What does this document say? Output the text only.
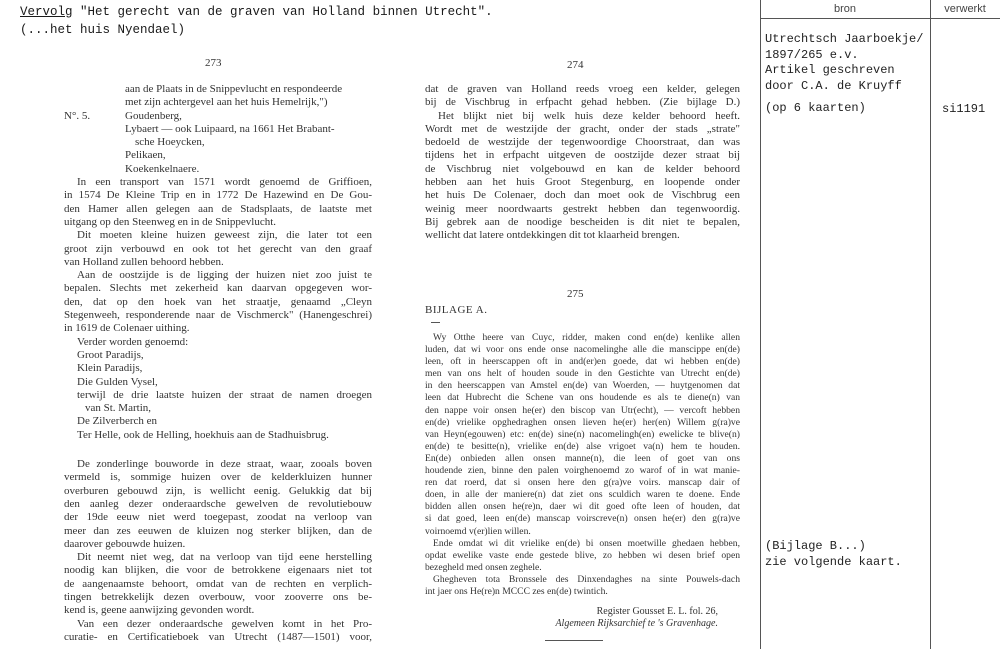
Vervolg "Het gerecht van de graven van Holland binnen Utrecht".
(...het huis Nyendael)
273	274
275
N°. 5.
aan de Plaats in de Snippevlucht en respondeerde
met zijn achtergevel aan het huis Hemelrijk,")
Goudenberg,
Lybaert — ook Luipaard, na 1661 Het Brabant-
sche Hoeycken,
Pelikaen,
Koekenkelnaere.
In een transport van 1571 wordt genoemd de Griffioen,
in 1574 De Kleine Trip en in 1772 De Hazewind en De Gou-
den Hamer allen gelegen aan de Stadsplaats, de laatste met
uitgang op den Steenweg en in de Snippevlucht.
Dit moeten kleine huizen geweest zijn, die later tot een
groot zijn verbouwd en ook tot het gerecht van den graaf
van Holland zullen behoord hebben.
Aan de oostzijde is de ligging der huizen niet zoo juist te
bepalen. Slechts met zekerheid kan daarvan opgegeven wor-
den, dat op den hoek van het straatje, genaamd „Cleyn
Stegenweeh, responderende naar de Vischmerck" (Hanengeschrei)
in 1619 de Colenaer uithing.
Verder worden genoemd:
Groot Paradijs,
Klein Paradijs,
Die Gulden Vysel,
terwijl de drie laatste huizen der straat de namen droegen
van St. Martin,
De Zilverberch en
Ter Helle, ook de Helling, hoekhuis aan de Stadhuisbrug.
De zonderlinge bouworde in deze straat, waar, zooals boven
vermeld is, sommige huizen over de kelderkluizen hunner
overburen gebouwd zijn, is wellicht eenig. Gelukkig dat bij
den aanleg dezer onderaardsche gewelven de revolutiebouw
der 19de eeuw niet werd toegepast, zoodat na verloop van
meer dan zes eeuwen de kluizen nog sterker blijken, dan de
daarover gebouwde huizen.
Dit neemt niet weg, dat na verloop van tijd eene herstelling
noodig kan blijken, die voor de betrokkene eigenaars niet tot
de aangenaamste behoort, omdat van de rechten en verplich-
tingen betrekkelijk dezen overbouw, voor zooverre ons be-
kend is, geene aanwijzing gevonden wordt.
Van een dezer onderaardsche gewelven komt in het Pro-
curatie- en Certificatieboek van Utrecht (1487—1501) voor,
dat de graven van Holland reeds vroeg een kelder, gelegen
bij de Vischbrug in erfpacht gehad hebben. (Zie bijlage D.)
Het blijkt niet bij welk huis deze kelder behoord heeft.
Wordt met de westzijde der gracht, onder der stads „strate"
bedoeld de westzijde der tegenwoordige Choorstraat, dan was
tijdens het in erfpacht uitgeven de oostzijde dezer straat bij
de Vischbrug niet volgebouwd en kan de kelder behoord
hebben aan het huis Groot Stegenburg, en loopende onder
het huis De Colenaer, doch dan moet ook de Vischbrug een
weinig meer noordwaarts gestrekt hebben dan tegenwoordig.
Bij gebrek aan de noodige bescheiden is dit niet te bepalen,
wellicht dat latere ontdekkingen dit tot klaarheid brengen.
BIJLAGE A.
Wy Otthe heere van Cuyc, ridder, maken cond en(de) kenlike allen
luden, dat wi voor ons ende onse nacomelinghe alle die manscippe en(de)
leen, oft in heerscappen oft in and(er)en goede, dat wi hebben en(de)
men van ons helt of houden soude in den Gestichte van Utrecht en(de)
in den heerscappen van Amstel en(de) van Woerden, — huytgenomen dat
leen dat Hubrecht die Schene van ons houdende es als te diene(n) van
den nappe voir onsen he(er) den biscop van Utr(echt), — vercoft hebben
en(de) vrielike opghedraghen onsen lieven he(er) her(en) Willem g(ra)ve
van Heyn(egouwen) etc: en(de) sine(n) nacomelingh(en) ewelicke te blive(n)
en(de) te besitte(n), vrielike en(de) alse vrigoet va(n) hem te houden.
En(de) onbieden allen onsen manne(n), die leen of goet van ons
houdende zien, binne den palen voirghenoemd zo warof of in wat manie-
ren dat roerd, dat si onsen here den g(ra)ve voirs. manscap dair of
doen, in alle der maniere(n) dat ziet ons sculdich waren te doene. Ende
bidden allen onsen he(re)n, daer wi dit goed ofte leen of houden, dat
si dat goed, leen en(de) manscap voirscreve(n) onsen he(er) den g(ra)ve
voirnoemd v(er)lien willen.
Ende omdat wi dit vrielike en(de) bi onsen moetwille ghedaen hebben,
opdat ewelike vaste ende gestede blive, zo hebben wi desen brief open
bezegheld med onsen zeghele.
Ghegheven tota Bronssele des Dinxendaghes na sinte Pouwels-dach
int jaer ons He(re)n MCCC zes en(de) twintich.
Register Gousset E. L. fol. 26,
Algemeen Rijksarchief te 's Gravenhage.
bron	verwerkt
Utrechtsch Jaarboekje/
1897/265 e.v.
Artikel geschreven
door C.A. de Kruyff
(op 6 kaarten)	si1191
(Bijlage B...)
zie volgende kaart.
